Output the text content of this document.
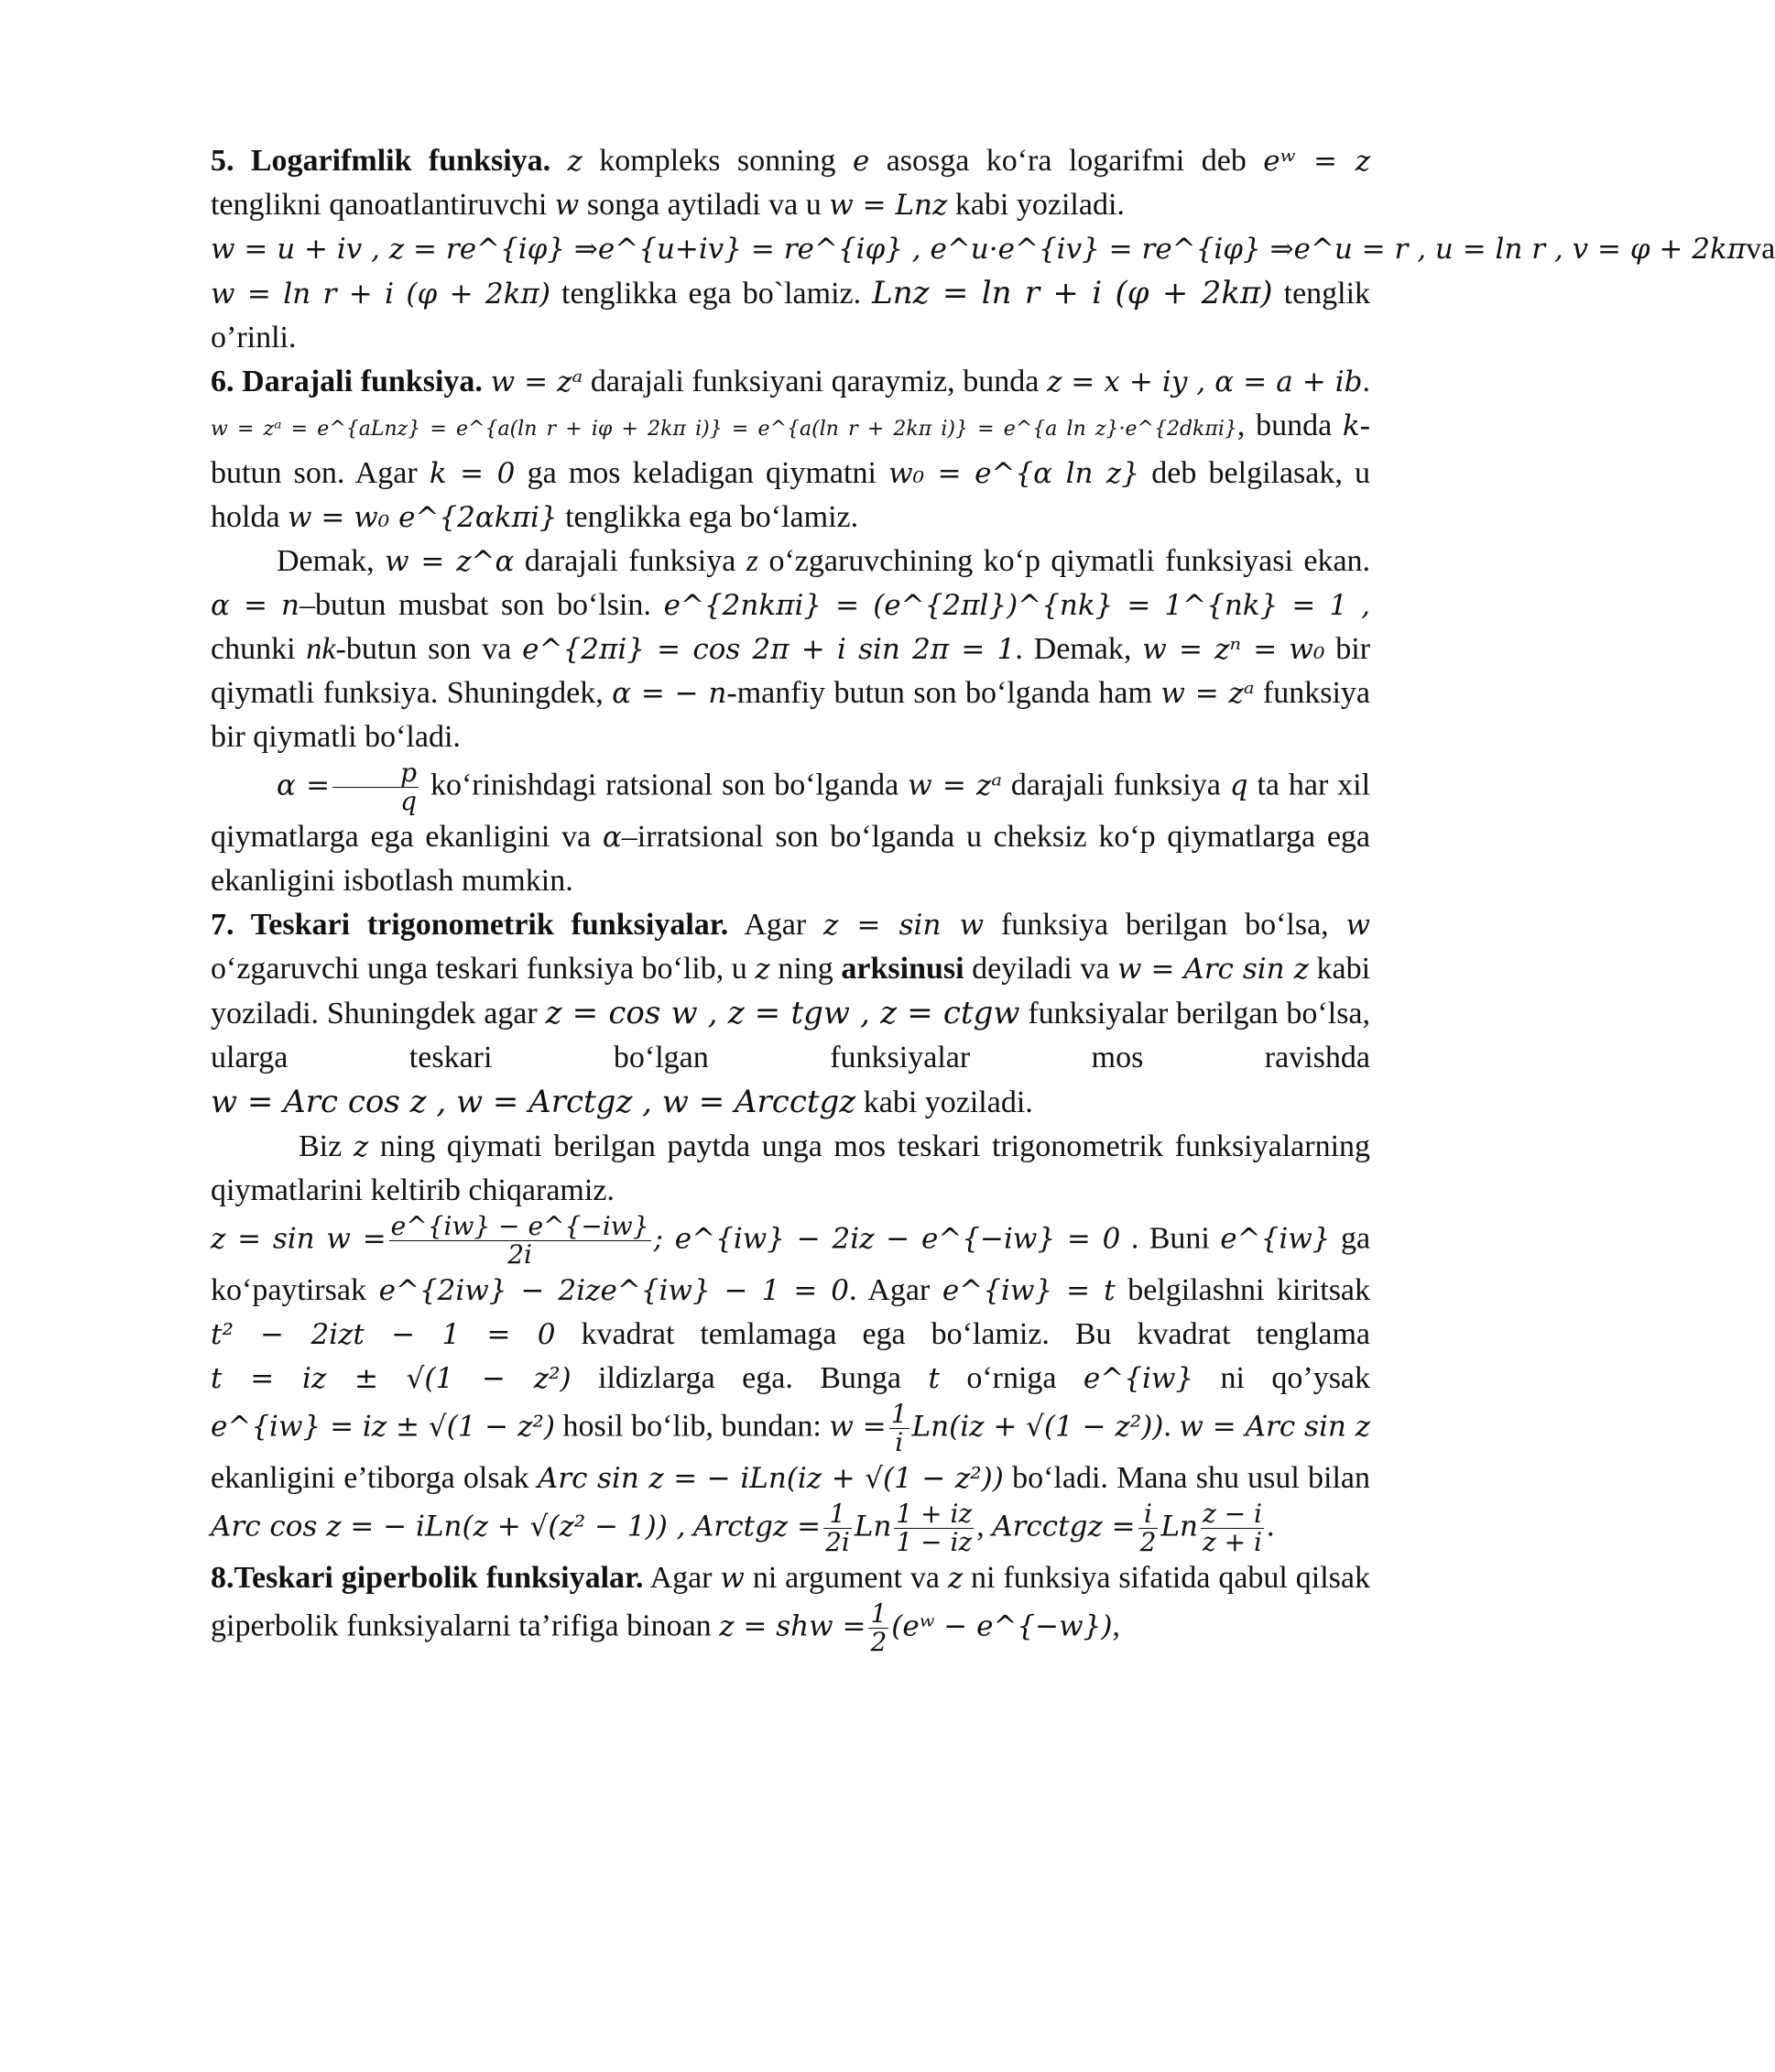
5. Logarifmlik funksiya. z kompleks sonning e asosga ko‘ra logarifmi deb eʷ = z tenglikni qanoatlantiruvchi w songa aytiladi va u w = Lnz kabi yoziladi.
w = u + iv , z = re^{iφ} ⇒ e^{u+iv} = re^{iφ} , e^u·e^{iv} = re^{iφ} ⇒ e^u = r , u = ln r , v = φ + 2kπ va
w = ln r + i (φ + 2kπ) tenglikka ega bo`lamiz. Lnz = ln r + i (φ + 2kπ) tenglik o’rinli.

6. Darajali funksiya. w = zᵃ darajali funksiyani qaraymiz, bunda z = x + iy , α = a + ib. w = zᵃ = e^{aLnz} = e^{a(ln r + iφ + 2kπ i)} = e^{a(ln r + 2kπ i)} = e^{a ln z}·e^{2dkπi}, bunda k-butun son. Agar k = 0 ga mos keladigan qiymatni w₀ = e^{α ln z} deb belgilasak, u holda w = w₀ e^{2αkπi} tenglikka ega bo‘lamiz.

Demak, w = z^α darajali funksiya z o‘zgaruvchining ko‘p qiymatli funksiyasi ekan. α = n–butun musbat son bo‘lsin. e^{2nkπi} = (e^{2πl})^{nk} = 1^{nk} = 1 , chunki nk-butun son va e^{2πi} = cos 2π + i sin 2π = 1. Demak, w = zⁿ = w₀ bir qiymatli funksiya. Shuningdek, α = − n-manfiy butun son bo‘lganda ham w = zᵃ funksiya bir qiymatli bo‘ladi.

$\alpha = \frac{p}{q}$ ko‘rinishdagi ratsional son bo‘lganda w = zᵃ darajali funksiya q ta har xil qiymatlarga ega ekanligini va α–irratsional son bo‘lganda u cheksiz ko‘p qiymatlarga ega ekanligini isbotlash mumkin.

7. Teskari trigonometrik funksiyalar. Agar z = sin w funksiya berilgan bo‘lsa, w o‘zgaruvchi unga teskari funksiya bo‘lib, u z ning arksinusi deyiladi va w = Arc sin z kabi yoziladi. Shuningdek agar z = cos w , z = tgw , z = ctgw funksiyalar berilgan bo‘lsa, ularga teskari bo‘lgan funksiyalar mos ravishda w = Arc cos z , w = Arctgz , w = Arcctgz kabi yoziladi.

Biz z ning qiymati berilgan paytda unga mos teskari trigonometrik funksiyalarning qiymatlarini keltirib chiqaramiz.

$z = \sin w = \frac{e\^{}\{iw\} - e\^{}\{-iw\}}{2i}$ ; e^{iw} − 2iz − e^{−iw} = 0 . Buni e^{iw} ga ko‘paytirsak e^{2iw} − 2ize^{iw} − 1 = 0. Agar e^{iw} = t belgilashni kiritsak t² − 2izt − 1 = 0 kvadrat temlamaga ega bo‘lamiz. Bu kvadrat tenglama t = iz ± √(1 − z²) ildizlarga ega. Bunga t o‘rniga e^{iw} ni qo’ysak e^{iw} = iz ± √(1 − z²) hosil bo‘lib, bundan: $w = \frac{1}{i} Ln(iz + √(1 - z^2))$. w = Arc sin z ekanligini e’tiborga olsak Arc sin z = − iLn(iz + √(1 − z²)) bo‘ladi. Mana shu usul bilan Arc cos z = − iLn(z + √(z² − 1)) , Arctgz = $\frac{1}{2i}$ Ln $\frac{1 + iz}{1 - iz}$ , Arcctgz = $\frac{i}{2}$ Ln $\frac{z - i}{z + i}$ .

8.Teskari giperbolik funksiyalar. Agar w ni argument va z ni funksiya sifatida qabul qilsak giperbolik funksiyalarni ta’rifiga binoan z = shw = $\frac{1}{2}$ (eʷ − e^{−w}),
